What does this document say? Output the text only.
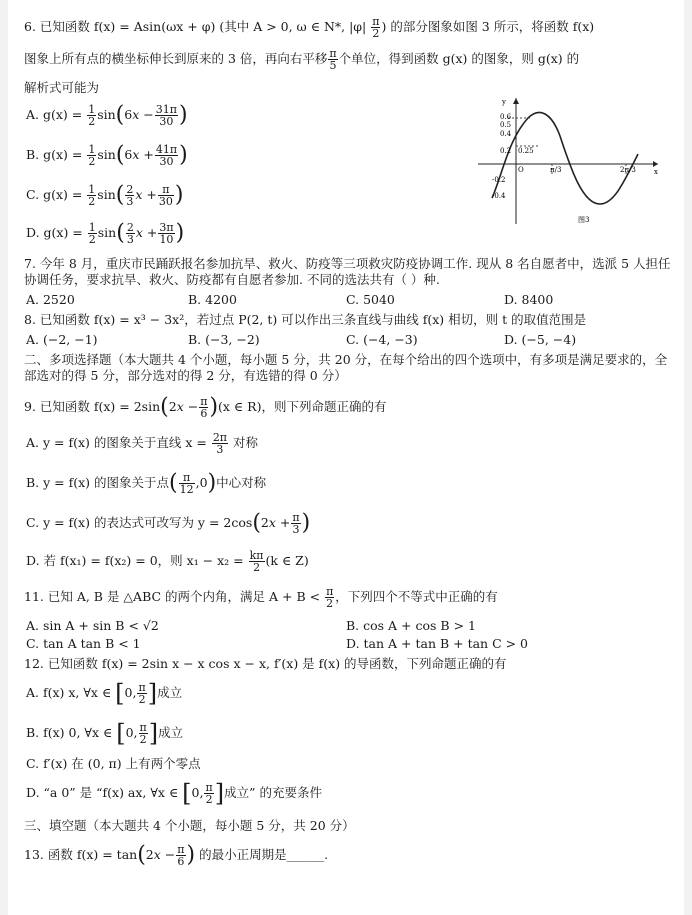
6. 已知函数 f(x) = Asin(ωx + φ) (其中 A > 0, ω ∈ N*, $|\varphi| \frac{\pi}{2}$ ) 的部分图象如图 3 所示，将函数 f(x)
图象上所有点的横坐标伸长到原来的 3 倍，再向右平移 $\frac{\pi}{5}$ 个单位，得到函数 g(x) 的图象，则 g(x) 的
解析式可能为
A. $g(x) = \frac{1}{2} \sin(6x - \frac{31\pi}{30}$ )
B. $g(x) = \frac{1}{2} \sin(6x + \frac{41\pi}{30}$ )
C. $g(x) = \frac{1}{2} \sin( \frac{2}{3}$ $x + \frac{\pi}{30}$ )
D. $g(x) = \frac{1}{2} \sin( \frac{2}{3}$ $x + \frac{3\pi}{10}$ )
y
0.6
0.5
0.4
0.2 0.25
O
-0.2
-0.4
π/3	2π/3	x
图3
7. 今年 8 月，重庆市民踊跃报名参加抗旱、救火、防疫等三项救灾防疫协调工作. 现从 8 名自愿者中，选派 5 人担任协调任务，要求抗旱、救火、防疫都有自愿者参加. 不同的选法共有（ ）种.
A. 2520	B. 4200	C. 5040	D. 8400
8. 已知函数 f(x) = x³ − 3x²，若过点 P(2, t) 可以作出三条直线与曲线 f(x) 相切，则 t 的取值范围是
A. (−2, −1)	B. (−3, −2)	C. (−4, −3)	D. (−5, −4)
二、多项选择题（本大题共 4 个小题，每小题 5 分，共 20 分，在每个给出的四个选项中，有多项是满足要求的，全部选对的得 5 分，部分选对的得 2 分，有选错的得 0 分）
9. 已知函数 $f(x) = 2\sin(2x - \frac{\pi}{6} )(x$ ∈ R)，则下列命题正确的有
A. y = f(x) 的图象关于直线 $x = \frac{2\pi}{3}$ 对称
B. y = f(x) 的图象关于点( $\frac{\pi}{12} ,0$)中心对称
C. y = f(x) 的表达式可改写为 $y = 2\cos(2x + \frac{\pi}{3}$ )
D. 若 f(x₁) = f(x₂) = 0，则 $x_1 - x_2 = \frac{k\pi}{2} (k$ ∈ Z)
11. 已知 A, B 是 △ABC 的两个内角，满足 $A + B < \frac{\pi}{2}$ ，下列四个不等式中正确的有
A. sin A + sin B < √2	B. cos A + cos B > 1
C. tan A tan B < 1	D. tan A + tan B + tan C > 0
12. 已知函数 f(x) = 2sin x − x cos x − x, f′(x) 是 f(x) 的导函数，下列命题正确的有
A. f(x) x, ∀x ∈ [0, $\frac{\pi}{2}$ ]成立
B. f(x) 0, ∀x ∈ [0, $\frac{\pi}{2}$ ]成立
C. f′(x) 在 (0, π) 上有两个零点
D. “a 0” 是 “f(x) ax, ∀x ∈ [0, $\frac{\pi}{2}$ ]成立” 的充要条件
三、填空题（本大题共 4 个小题，每小题 5 分，共 20 分）
13. 函数 $f(x) = \tan(2x - \frac{\pi}{6}$ ) 的最小正周期是______.
